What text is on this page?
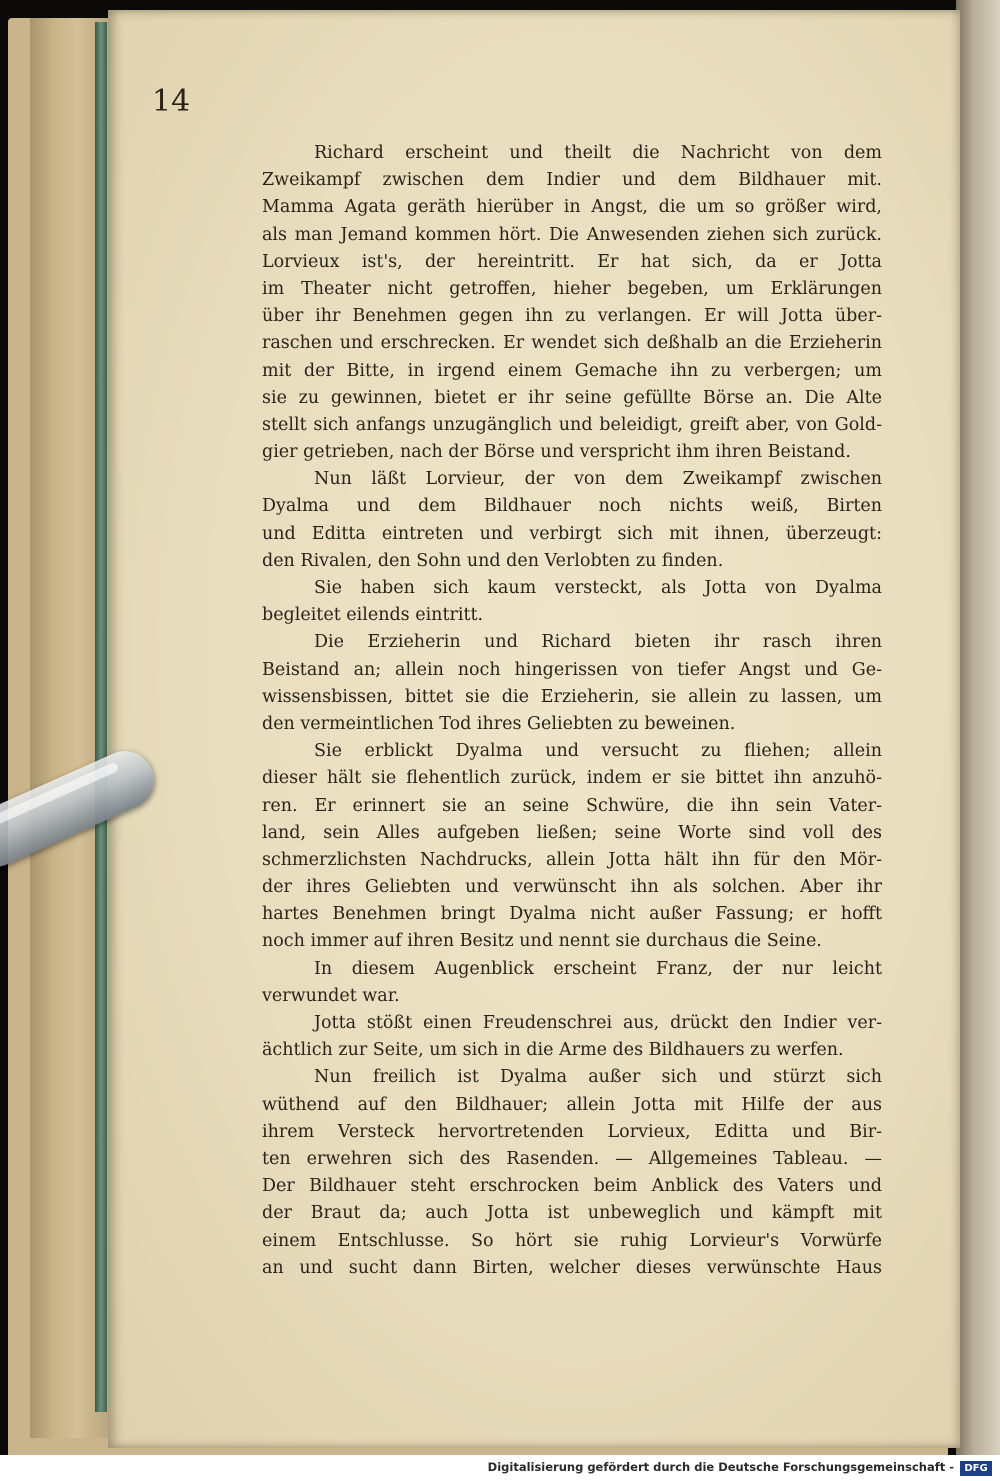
14
Richard erscheint und theilt die Nachricht von dem
Zweikampf zwischen dem Indier und dem Bildhauer mit.
Mamma Agata geräth hierüber in Angst, die um so größer wird,
als man Jemand kommen hört. Die Anwesenden ziehen sich zurück.
Lorvieux ist's, der hereintritt. Er hat sich, da er Jotta
im Theater nicht getroffen, hieher begeben, um Erklärungen
über ihr Benehmen gegen ihn zu verlangen. Er will Jotta über-
raschen und erschrecken. Er wendet sich deßhalb an die Erzieherin
mit der Bitte, in irgend einem Gemache ihn zu verbergen; um
sie zu gewinnen, bietet er ihr seine gefüllte Börse an. Die Alte
stellt sich anfangs unzugänglich und beleidigt, greift aber, von Gold-
gier getrieben, nach der Börse und verspricht ihm ihren Beistand.
Nun läßt Lorvieur, der von dem Zweikampf zwischen
Dyalma und dem Bildhauer noch nichts weiß, Birten
und Editta eintreten und verbirgt sich mit ihnen, überzeugt:
den Rivalen, den Sohn und den Verlobten zu finden.
Sie haben sich kaum versteckt, als Jotta von Dyalma
begleitet eilends eintritt.
Die Erzieherin und Richard bieten ihr rasch ihren
Beistand an; allein noch hingerissen von tiefer Angst und Ge-
wissensbissen, bittet sie die Erzieherin, sie allein zu lassen, um
den vermeintlichen Tod ihres Geliebten zu beweinen.
Sie erblickt Dyalma und versucht zu fliehen; allein
dieser hält sie flehentlich zurück, indem er sie bittet ihn anzuhö-
ren. Er erinnert sie an seine Schwüre, die ihn sein Vater-
land, sein Alles aufgeben ließen; seine Worte sind voll des
schmerzlichsten Nachdrucks, allein Jotta hält ihn für den Mör-
der ihres Geliebten und verwünscht ihn als solchen. Aber ihr
hartes Benehmen bringt Dyalma nicht außer Fassung; er hofft
noch immer auf ihren Besitz und nennt sie durchaus die Seine.
In diesem Augenblick erscheint Franz, der nur leicht
verwundet war.
Jotta stößt einen Freudenschrei aus, drückt den Indier ver-
ächtlich zur Seite, um sich in die Arme des Bildhauers zu werfen.
Nun freilich ist Dyalma außer sich und stürzt sich
wüthend auf den Bildhauer; allein Jotta mit Hilfe der aus
ihrem Versteck hervortretenden Lorvieux, Editta und Bir-
ten erwehren sich des Rasenden. — Allgemeines Tableau. —
Der Bildhauer steht erschrocken beim Anblick des Vaters und
der Braut da; auch Jotta ist unbeweglich und kämpft mit
einem Entschlusse. So hört sie ruhig Lorvieur's Vorwürfe
an und sucht dann Birten, welcher dieses verwünschte Haus
Digitalisierung gefördert durch die Deutsche Forschungsgemeinschaft -	DFG
